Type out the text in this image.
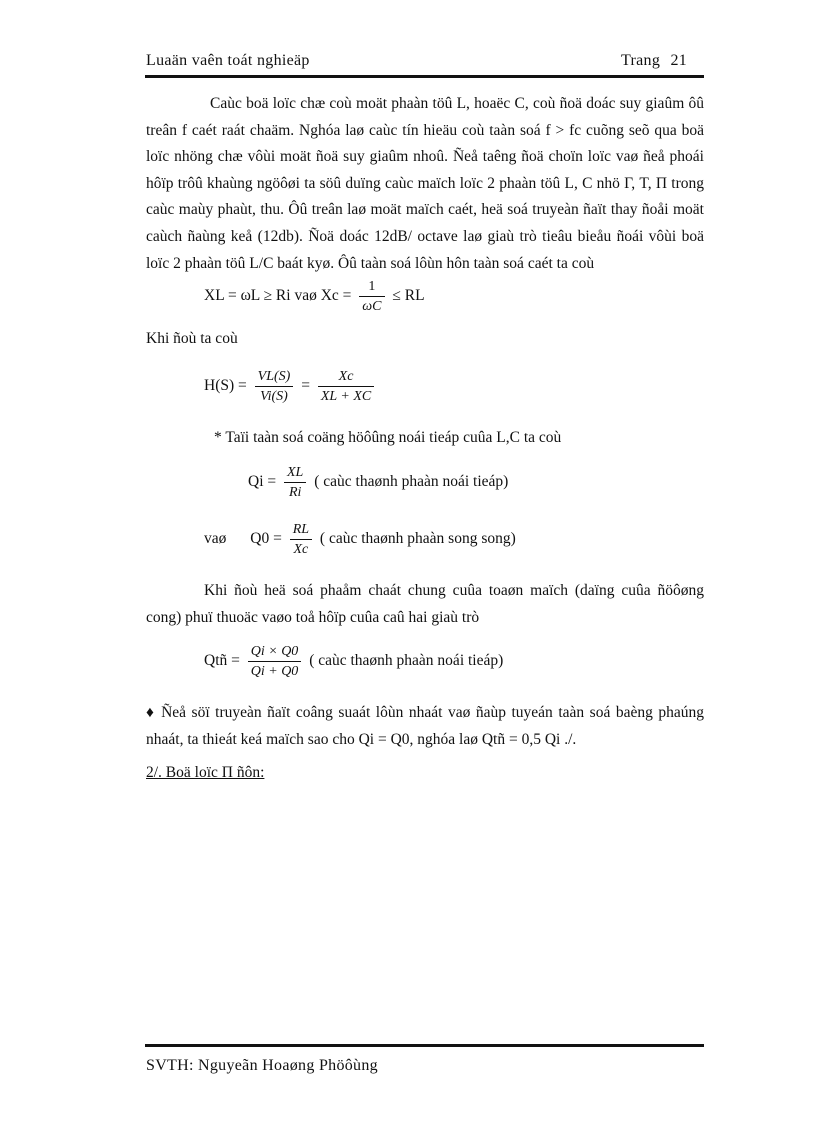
Luaän vaên toát nghieäp	Trang 21

Caùc boä loïc chæ coù moät phaàn töû L, hoaëc C, coù ñoä doác suy giaûm ôû treân f caét raát chaäm. Nghóa laø caùc tín hieäu coù taàn soá f > fc cuõng seõ qua boä loïc nhöng chæ vôùi moät ñoä suy giaûm nhoû. Ñeå taêng ñoä choïn loïc vaø ñeå phoái hôïp trôû khaùng ngöôøi ta söû duïng caùc maïch loïc 2 phaàn töû L, C nhö Γ, T, Π trong caùc maùy phaùt, thu. Ôû treân laø moät maïch caét, heä soá truyeàn ñaït thay ñoåi moät caùch ñaùng keå (12db). Ñoä doác 12dB/ octave laø giaù trò tieâu bieåu ñoái vôùi boä loïc 2 phaàn töû L/C baát kyø. Ôû taàn soá lôùn hôn taàn soá caét ta coù

XL = ωL ≥ Ri vaø $Xc = \frac{1}{\omega C}$ ≤ RL
Khi ñoù ta coù
$H(S) = \frac{VL(S)}{Vi(S)} = \frac{Xc}{XL + XC}$
* Taïi taàn soá coäng höôûng noái tieáp cuûa L,C ta coù
$Qi = \frac{XL}{Ri}$ ( caùc thaønh phaàn noái tieáp)
vaø $Q0 = \frac{RL}{Xc}$ ( caùc thaønh phaàn song song)

Khi ñoù heä soá phaåm chaát chung cuûa toaøn maïch (daïng cuûa ñöôøng cong) phuï thuoäc vaøo toå hôïp cuûa caû hai giaù trò

Qtñ = $\frac{Qi \times Q0}{Qi + Q0}$ ( caùc thaønh phaàn noái tieáp)

♦ Ñeå söï truyeàn ñaït coâng suaát lôùn nhaát vaø ñaùp tuyeán taàn soá baèng phaúng nhaát, ta thieát keá maïch sao cho Qi = Q0, nghóa laø Qtñ = 0,5 Qi ./.

2/. Boä loïc Π ñôn:
SVTH: Nguyeãn Hoaøng Phöôùng
